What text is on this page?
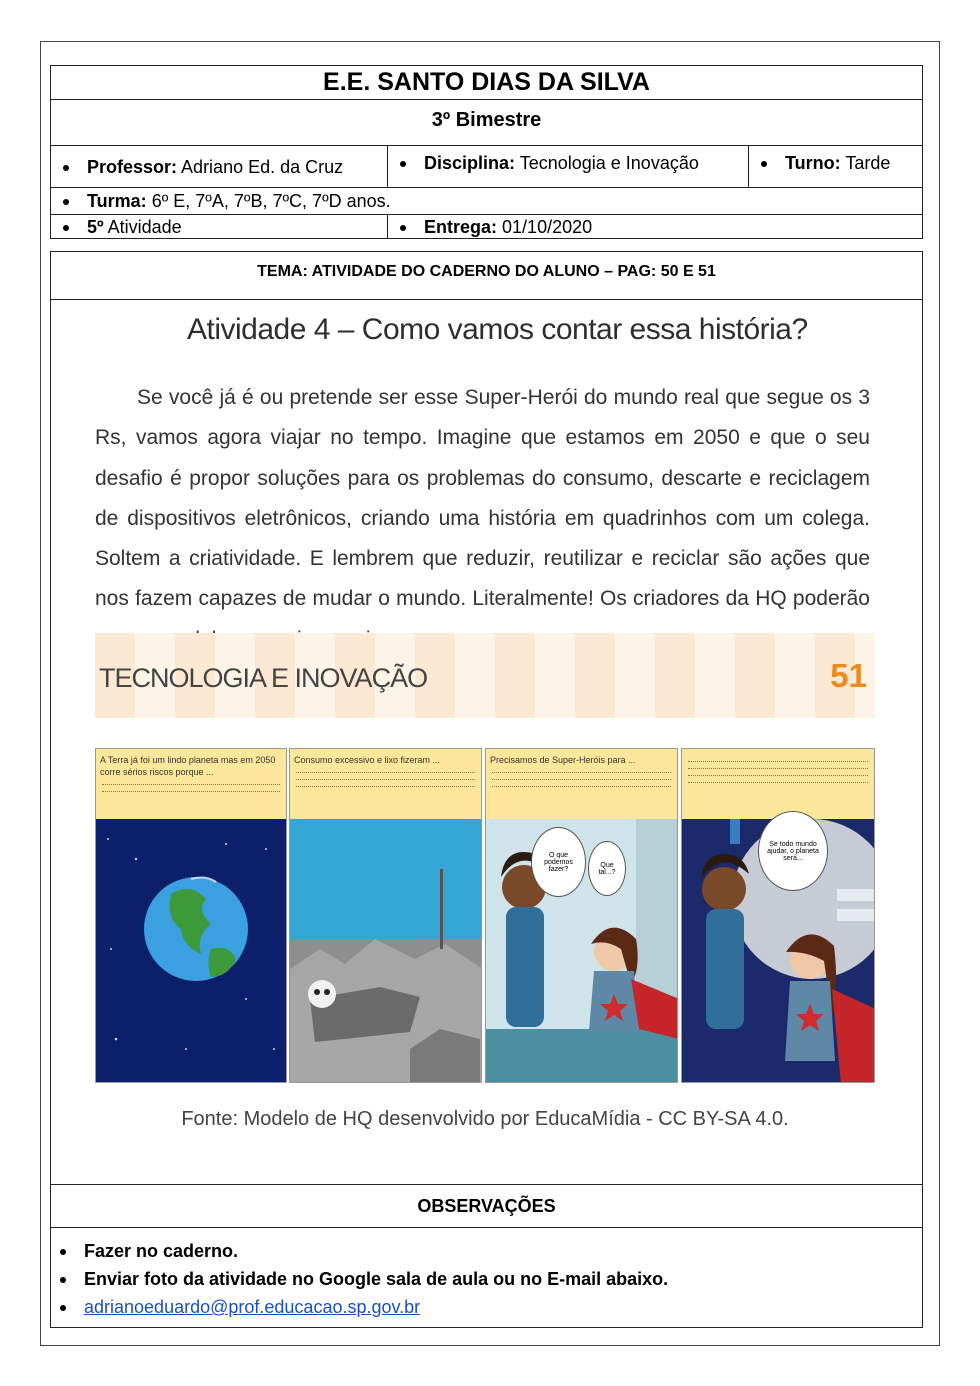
E.E. SANTO DIAS DA SILVA
3º Bimestre
Professor: Adriano Ed. da Cruz	Disciplina: Tecnologia e Inovação	Turno: Tarde
Turma: 6º E, 7ºA, 7ºB, 7ºC, 7ºD anos.
5º Atividade	Entrega: 01/10/2020
TEMA: ATIVIDADE DO CADERNO DO ALUNO – PAG: 50 E 51
OBSERVAÇÕES
Fazer no caderno.
Enviar foto da atividade no Google sala de aula ou no E-mail abaixo.
adrianoeduardo@prof.educacao.sp.gov.br
Atividade 4 – Como vamos contar essa história?

Se você já é ou pretende ser esse Super-Herói do mundo real que segue os 3 Rs, vamos agora viajar no tempo. Imagine que estamos em 2050 e que o seu desafio é propor soluções para os problemas do consumo, descarte e reciclagem de dispositivos eletrônicos, criando uma história em quadrinhos com um colega. Soltem a criatividade. E lembrem que reduzir, reutilizar e reciclar são ações que nos fazem capazes de mudar o mundo. Literalmente! Os criadores da HQ poderão

TECNOLOGIA E INOVAÇÃO	51
A Terra já foi um lindo planeta mas em 2050 corre sérios riscos porque ...
Consumo excessivo e lixo fizeram ...	Precisamos de Super-Heróis para ...
O que podemos fazer?
Que tal...?
Se todo mundo ajudar, o planeta será...
Fonte: Modelo de HQ desenvolvido por EducaMídia - CC BY-SA 4.0.
